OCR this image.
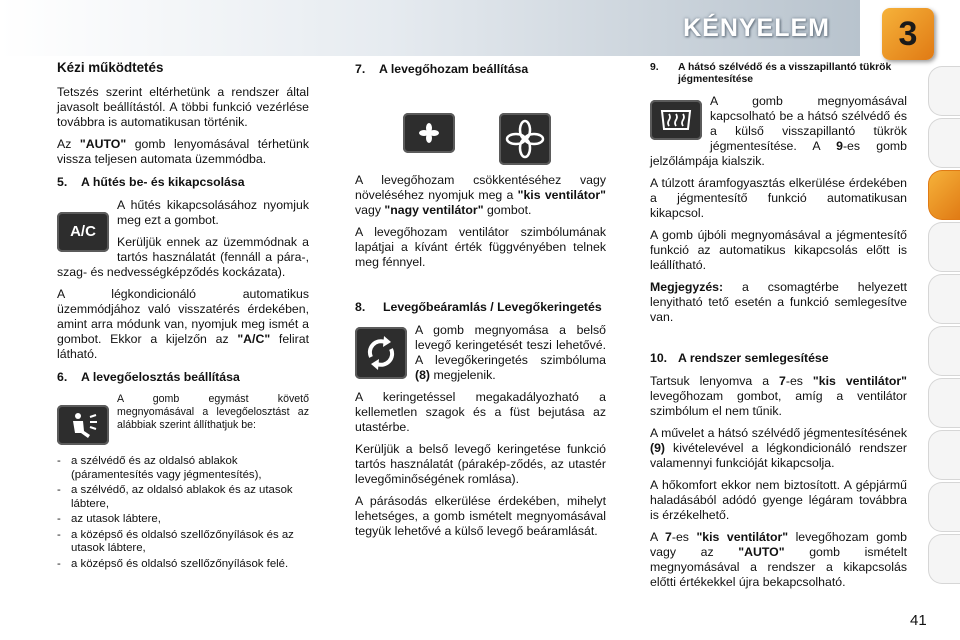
KÉNYELEM	3
Kézi működtetés

Tetszés szerint eltérhetünk a rendszer által javasolt beállítástól. A többi funkció vezérlése továbbra is automatikusan történik.

Az "AUTO" gomb lenyomásával térhetünk vissza teljesen automata üzemmódba.

5. A hűtés be- és kikapcsolása
A/C

A hűtés kikapcsolásához nyomjuk meg ezt a gombot.

Kerüljük ennek az üzemmódnak a tartós használatát (fennáll a pára-, szag- és nedvességképződés kockázata).

A légkondicionáló automatikus üzemmódjához való visszatérés érdekében, amint arra módunk van, nyomjuk meg ismét a gombot. Ekkor a kijelzőn az "A/C" felirat látható.

6. A levegőelosztás beállítása

A gomb egymást követő megnyomásával a levegőelosztást az alábbiak szerint állíthatjuk be:

- a szélvédő és az oldalsó ablakok (páramentesítés vagy jégmentesítés),
- a szélvédő, az oldalsó ablakok és az utasok lábtere,
- az utasok lábtere,
- a középső és oldalsó szellőzőnyílások és az utasok lábtere,
- a középső és oldalsó szellőzőnyílások felé.
7. A levegőhozam beállítása

A levegőhozam csökkentéséhez vagy növeléséhez nyomjuk meg a "kis ventilátor" vagy "nagy ventilátor" gombot.

A levegőhozam ventilátor szimbólumának lapátjai a kívánt érték függvényében telnek meg fénnyel.

8.	Levegőbeáramlás / Levegőkeringetés

A gomb megnyomása a belső levegő keringetését teszi lehetővé. A levegőkeringetés szimbóluma (8) megjelenik.

A keringetéssel megakadályozható a kellemetlen szagok és a füst bejutása az utastérbe.

Kerüljük a belső levegő keringetése funkció tartós használatát (párakép-ződés, az utastér levegőminőségének romlása).

A párásodás elkerülése érdekében, mihelyt lehetséges, a gomb ismételt megnyomásával tegyük lehetővé a külső levegő beáramlását.

9.	A hátsó szélvédő és a visszapillantó tükrök jégmentesítése

A gomb megnyomásával kapcsolható be a hátsó szélvédő és a külső visszapillantó tükrök jégmentesítése. A 9-es gomb jelzőlámpája kialszik.

A túlzott áramfogyasztás elkerülése érdekében a jégmentesítő funkció automatikusan kikapcsol.

A gomb újbóli megnyomásával a jégmentesítő funkció az automatikus kikapcsolás előtt is leállítható.

Megjegyzés: a csomagtérbe helyezett lenyitható tető esetén a funkció semlegesítve van.

10. A rendszer semlegesítése

Tartsuk lenyomva a 7-es "kis ventilátor" levegőhozam gombot, amíg a ventilátor szimbólum el nem tűnik.

A művelet a hátsó szélvédő jégmentesítésének (9) kivételevével a légkondicionáló rendszer valamennyi funkcióját kikapcsolja.

A hőkomfort ekkor nem biztosított. A gépjármű haladásából adódó gyenge légáram továbbra is érzékelhető.

A 7-es "kis ventilátor" levegőhozam gomb vagy az "AUTO" gomb ismételt megnyomásával a rendszer a kikapcsolás előtti értékekkel újra bekapcsolható.

41
